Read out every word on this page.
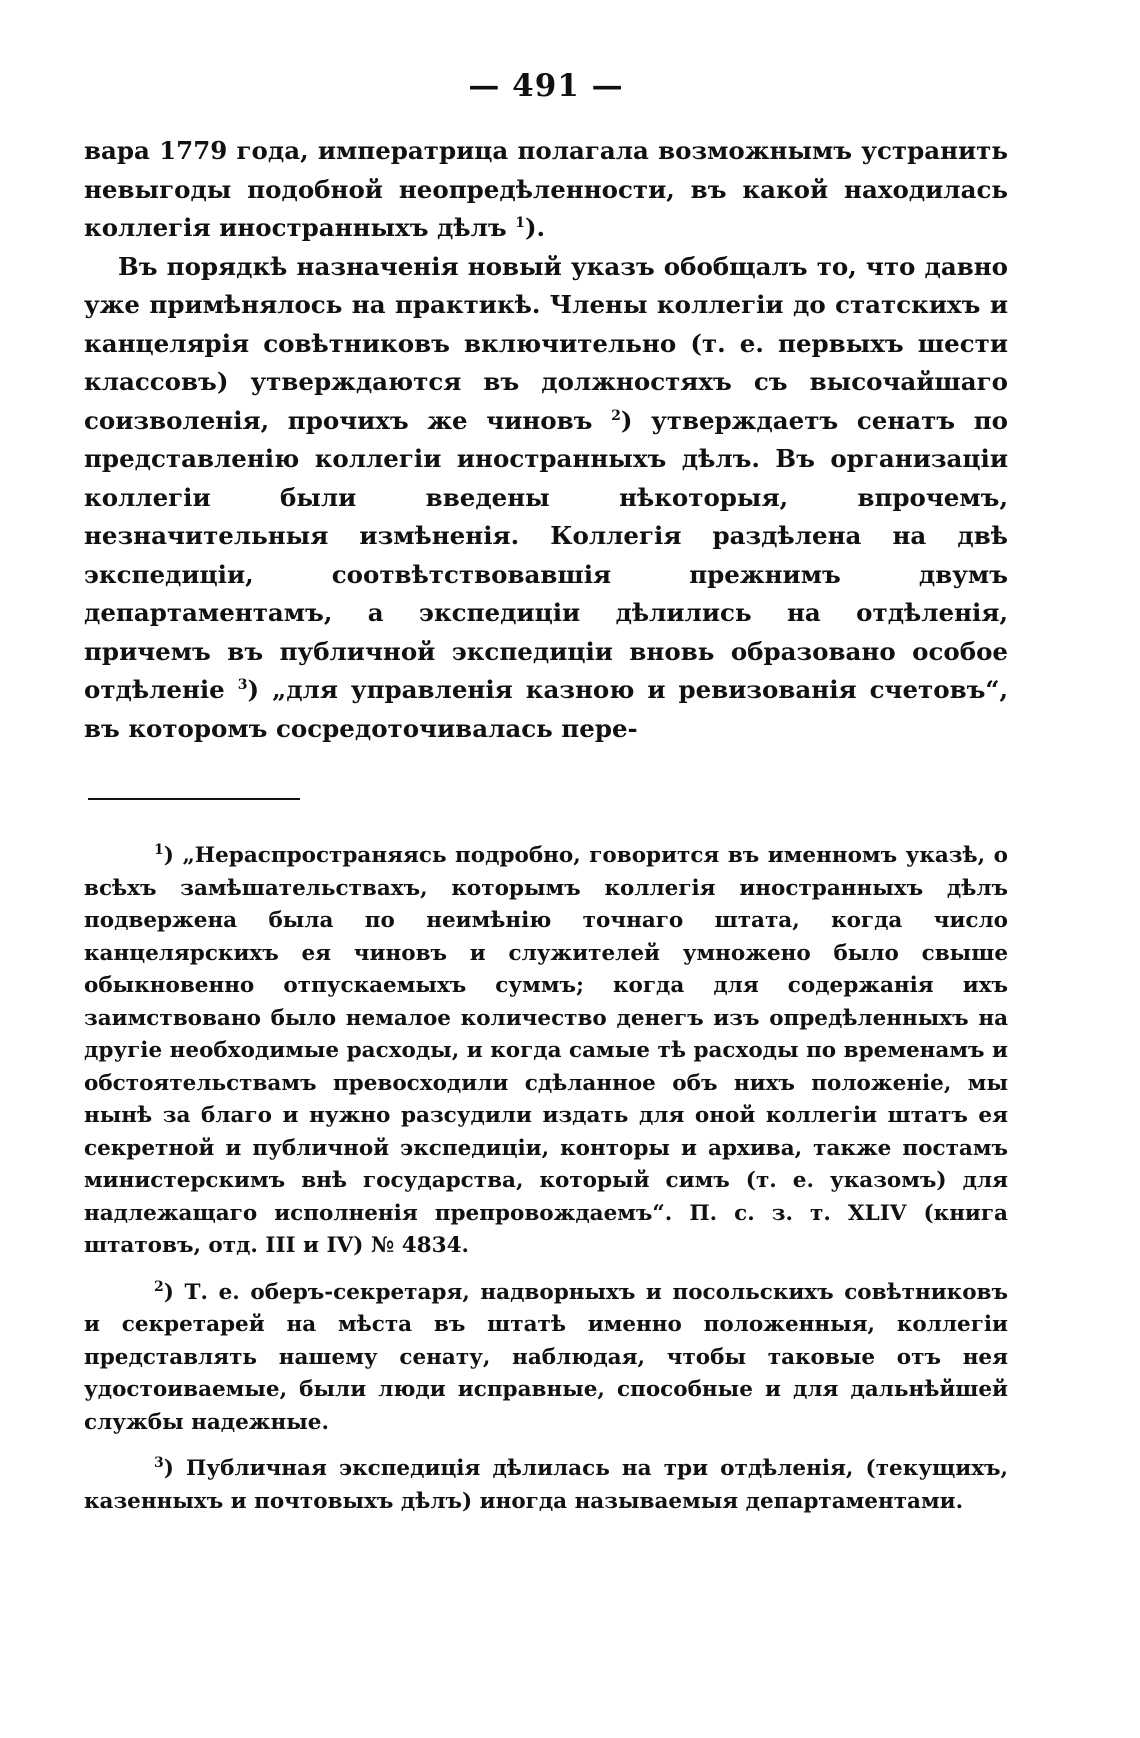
— 491 —

вара 1779 года, императрица полагала возможнымъ устранить невыгоды подобной неопредѣленности, въ какой находилась коллегія иностранныхъ дѣлъ $^1$).

Въ порядкѣ назначенія новый указъ обобщалъ то, что давно уже примѣнялось на практикѣ. Члены коллегіи до статскихъ и канцелярія совѣтниковъ включительно (т. е. первыхъ шести классовъ) утверждаются въ должностяхъ съ высочайшаго соизволенія, прочихъ же чиновъ $^2$) утверждаетъ сенатъ по представленію коллегіи иностранныхъ дѣлъ. Въ организаціи коллегіи были введены нѣкоторыя, впрочемъ, незначительныя измѣненія. Коллегія раздѣлена на двѣ экспедиціи, соотвѣтствовавшія прежнимъ двумъ департаментамъ, а экспедиціи дѣлились на отдѣленія, причемъ въ публичной экспедиціи вновь образовано особое отдѣленіе $^3$) „для управленія казною и ревизованія счетовъ“, въ которомъ сосредоточивалась пере-

$^1$) „Нераспространяясь подробно, говорится въ именномъ указѣ, о всѣхъ замѣшательствахъ, которымъ коллегія иностранныхъ дѣлъ подвержена была по неимѣнію точнаго штата, когда число канцелярскихъ ея чиновъ и служителей умножено было свыше обыкновенно отпускаемыхъ суммъ; когда для содержанія ихъ заимствовано было немалое количество денегъ изъ опредѣленныхъ на другіе необходимые расходы, и когда самые тѣ расходы по временамъ и обстоятельствамъ превосходили сдѣланное объ нихъ положеніе, мы нынѣ за благо и нужно разсудили издать для оной коллегіи штатъ ея секретной и публичной экспедиціи, конторы и архива, также постамъ министерскимъ внѣ государства, который симъ (т. е. указомъ) для надлежащаго исполненія препровождаемъ“. П. с. з. т. XLIV (книга штатовъ, отд. III и IV) № 4834.

$^2$) Т. е. оберъ-секретаря, надворныхъ и посольскихъ совѣтниковъ и секретарей на мѣста въ штатѣ именно положенныя, коллегіи представлять нашему сенату, наблюдая, чтобы таковые отъ нея удостоиваемые, были люди исправные, способные и для дальнѣйшей службы надежные.

$^3$) Публичная экспедиція дѣлилась на три отдѣленія, (текущихъ, казенныхъ и почтовыхъ дѣлъ) иногда называемыя департаментами.
